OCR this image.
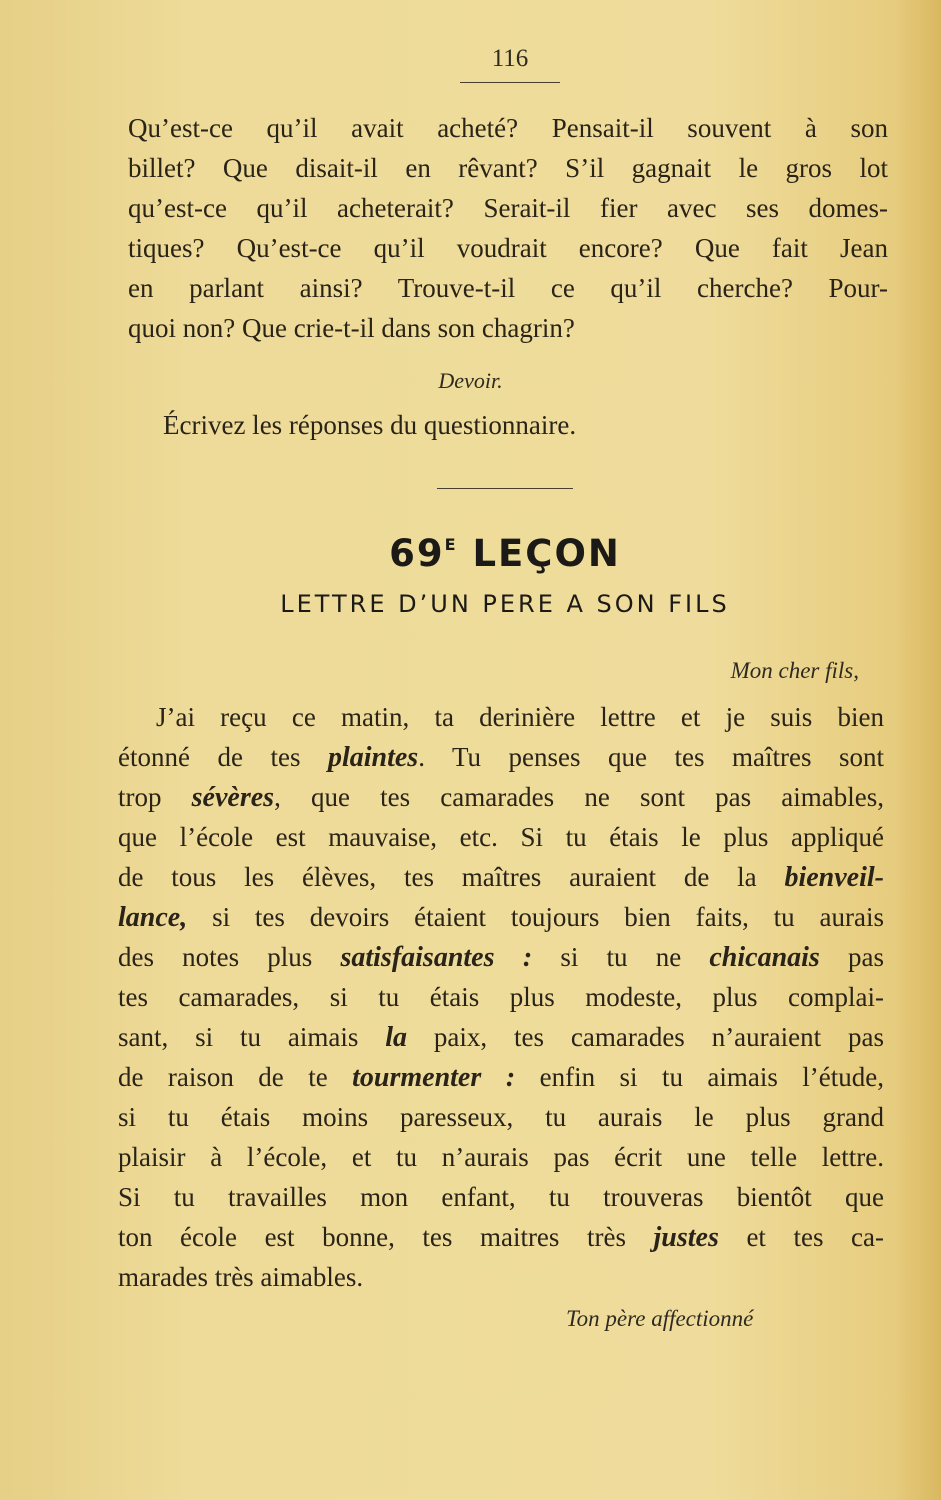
116
Qu’est-ce qu’il avait acheté? Pensait-il souvent à son
billet? Que disait-il en rêvant? S’il gagnait le gros lot
qu’est-ce qu’il acheterait? Serait-il fier avec ses domes-
tiques? Qu’est-ce qu’il voudrait encore? Que fait Jean
en parlant ainsi? Trouve-t-il ce qu’il cherche? Pour-
quoi non? Que crie-t-il dans son chagrin?
Devoir.
Écrivez les réponses du questionnaire.
$69^E$ LEÇON
LETTRE D’UN PERE A SON FILS
Mon cher fils,
J’ai reçu ce matin, ta derinière lettre et je suis bien
étonné de tes plaintes. Tu penses que tes maîtres sont
trop sévères, que tes camarades ne sont pas aimables,
que l’école est mauvaise, etc. Si tu étais le plus appliqué
de tous les élèves, tes maîtres auraient de la bienveil-
lance, si tes devoirs étaient toujours bien faits, tu aurais
des notes plus satisfaisantes : si tu ne chicanais pas
tes camarades, si tu étais plus modeste, plus complai-
sant, si tu aimais la paix, tes camarades n’auraient pas
de raison de te tourmenter : enfin si tu aimais l’étude,
si tu étais moins paresseux, tu aurais le plus grand
plaisir à l’école, et tu n’aurais pas écrit une telle lettre.
Si tu travailles mon enfant, tu trouveras bientôt que
ton école est bonne, tes maitres très justes et tes ca-
marades très aimables.
Ton père affectionné
